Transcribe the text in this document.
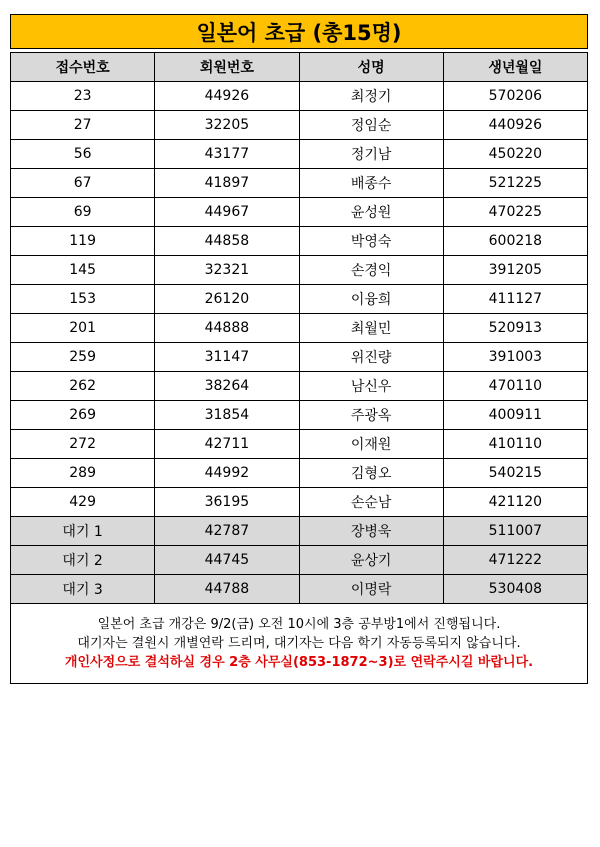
일본어 초급 (총15명)
접수번호	회원번호	성명	생년월일
23	44926	최정기	570206
27	32205	정임순	440926
56	43177	정기남	450220
67	41897	배종수	521225
69	44967	윤성원	470225
119	44858	박영숙	600218
145	32321	손경익	391205
153	26120	이융희	411127
201	44888	최월민	520913
259	31147	위진량	391003
262	38264	남신우	470110
269	31854	주광옥	400911
272	42711	이재원	410110
289	44992	김형오	540215
429	36195	손순남	421120
대기 1	42787	장병욱	511007
대기 2	44745	윤상기	471222
대기 3	44788	이명락	530408
일본어 초급 개강은 9/2(금) 오전 10시에 3층 공부방1에서 진행됩니다.
대기자는 결원시 개별연락 드리며, 대기자는 다음 학기 자동등록되지 않습니다.
개인사정으로 결석하실 경우 2층 사무실(853-1872~3)로 연락주시길 바랍니다.
